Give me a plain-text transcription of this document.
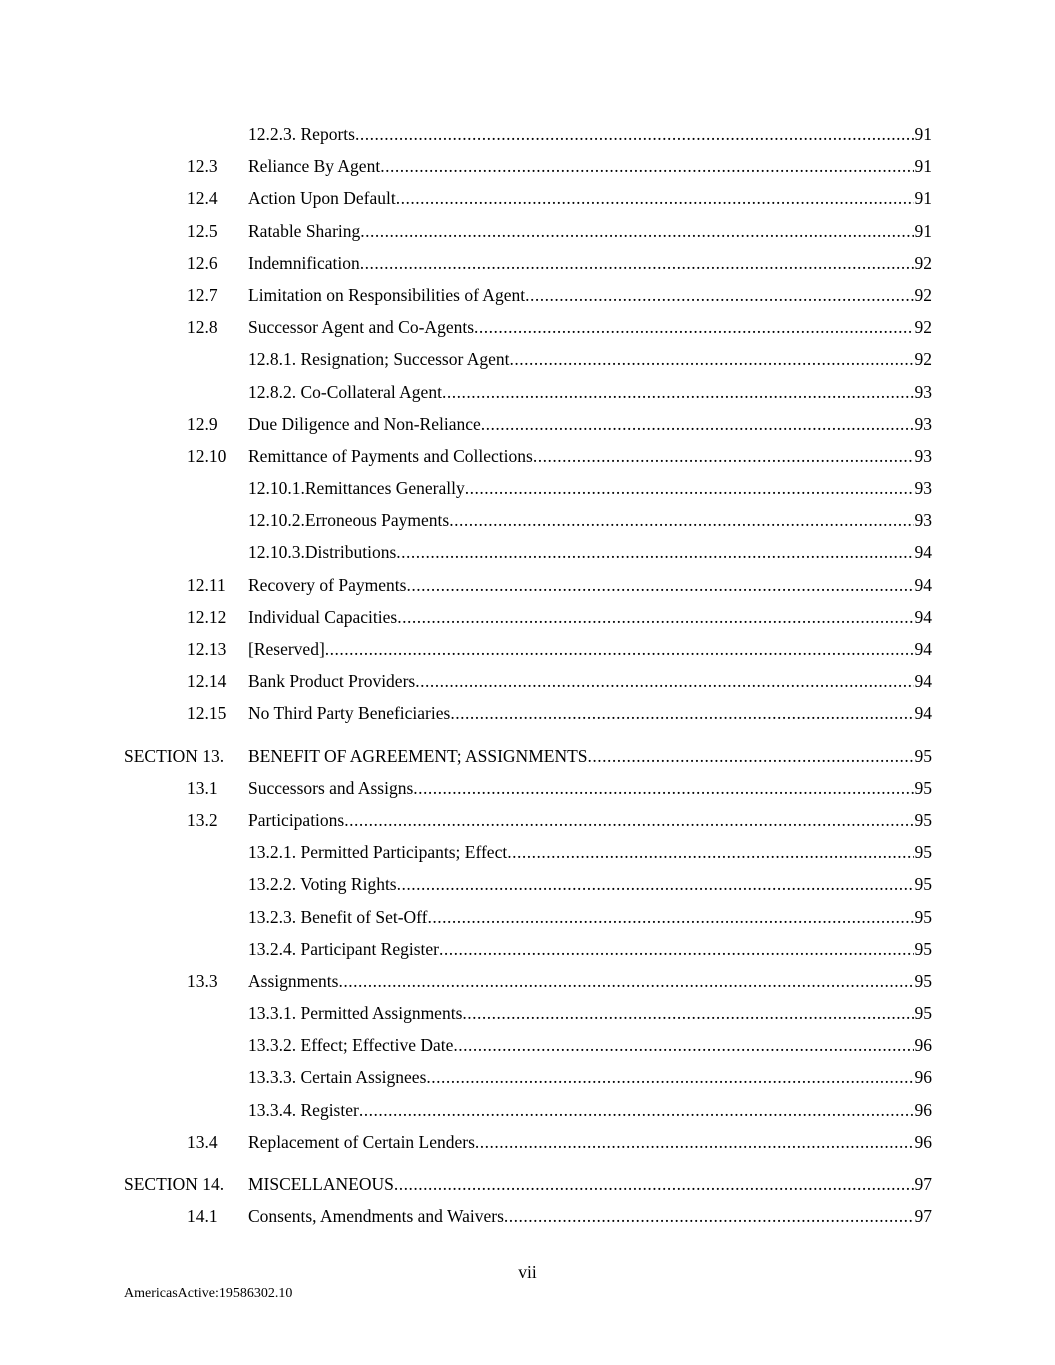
12.2.3. Reports .....	91
12.3	Reliance By Agent .....	91
12.4	Action Upon Default .....	91
12.5	Ratable Sharing .....	91
12.6	Indemnification .....	92
12.7	Limitation on Responsibilities of Agent .....	92
12.8	Successor Agent and Co-Agents .....	92
12.8.1. Resignation; Successor Agent .....	92
12.8.2. Co-Collateral Agent .....	93
12.9	Due Diligence and Non-Reliance .....	93
12.10	Remittance of Payments and Collections .....	93
12.10.1.Remittances Generally .....	93
12.10.2.Erroneous Payments .....	93
12.10.3.Distributions .....	94
12.11	Recovery of Payments .....	94
12.12	Individual Capacities .....	94
12.13	[Reserved] .....	94
12.14	Bank Product Providers .....	94
12.15	No Third Party Beneficiaries .....	94
SECTION 13.	BENEFIT OF AGREEMENT; ASSIGNMENTS .....	95
13.1	Successors and Assigns .....	95
13.2	Participations .....	95
13.2.1. Permitted Participants; Effect .....	95
13.2.2. Voting Rights .....	95
13.2.3. Benefit of Set-Off .....	95
13.2.4. Participant Register .....	95
13.3	Assignments .....	95
13.3.1. Permitted Assignments .....	95
13.3.2. Effect; Effective Date .....	96
13.3.3. Certain Assignees .....	96
13.3.4. Register .....	96
13.4	Replacement of Certain Lenders .....	96
SECTION 14.	MISCELLANEOUS .....	97
14.1	Consents, Amendments and Waivers .....	97
vii
AmericasActive:19586302.10
